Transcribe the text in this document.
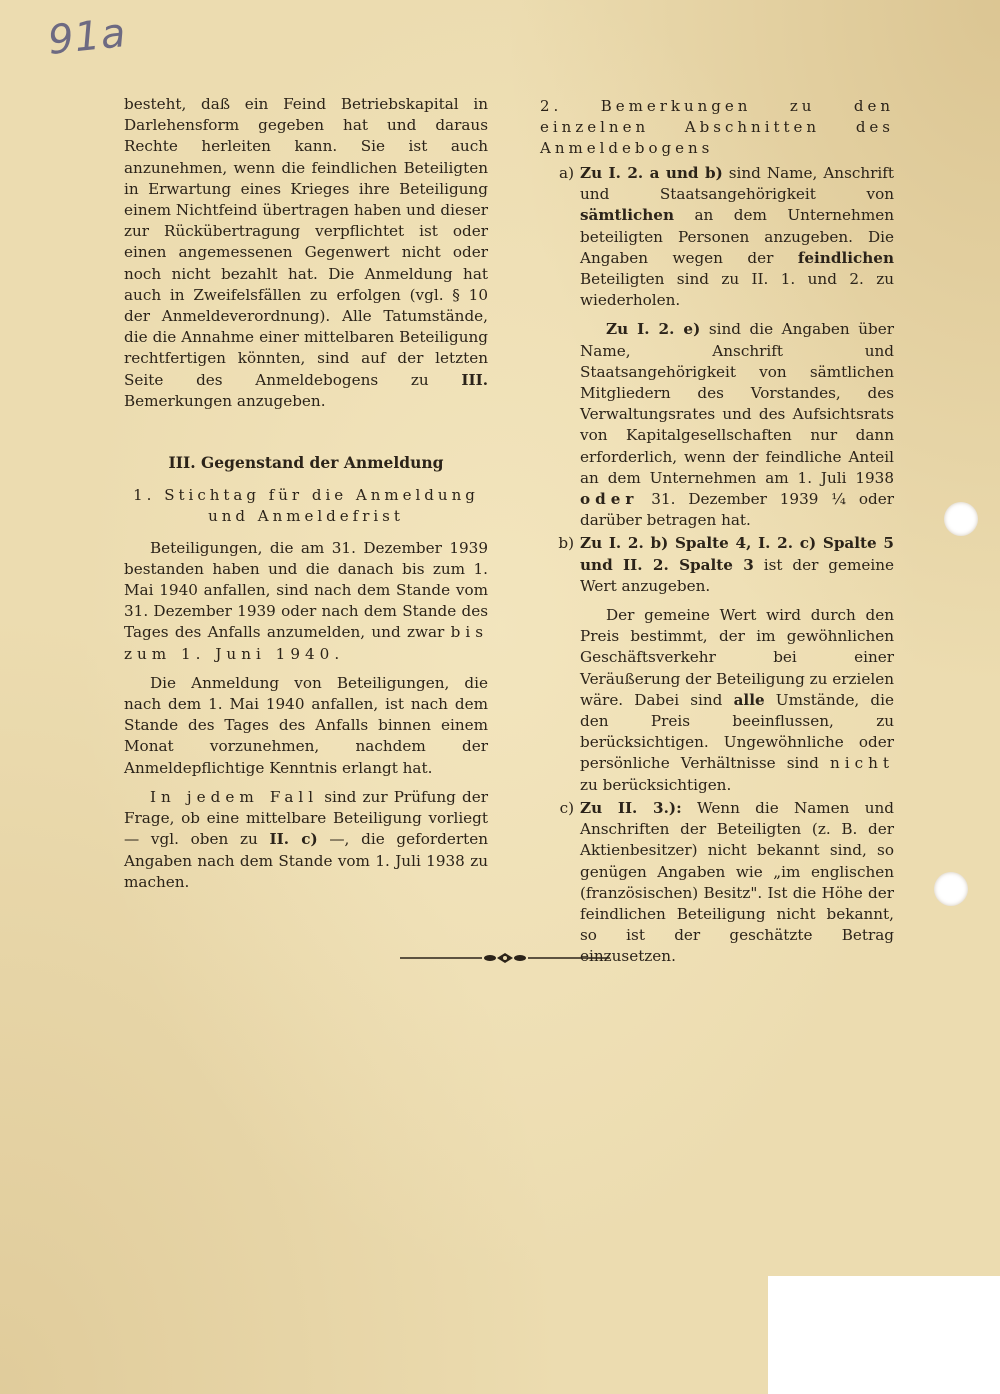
91a

besteht, daß ein Feind Betriebskapital in Darlehensform gegeben hat und daraus Rechte herleiten kann. Sie ist auch anzunehmen, wenn die feindlichen Beteiligten in Erwartung eines Krieges ihre Beteiligung einem Nichtfeind übertragen haben und dieser zur Rückübertragung verpflichtet ist oder einen angemessenen Gegenwert nicht oder noch nicht bezahlt hat. Die Anmeldung hat auch in Zweifelsfällen zu erfolgen (vgl. § 10 der Anmeldeverordnung). Alle Tatumstände, die die Annahme einer mittelbaren Beteiligung rechtfertigen könnten, sind auf der letzten Seite des Anmeldebogens zu III. Bemerkungen anzugeben.

III. Gegenstand der Anmeldung
1. Stichtag für die Anmeldung und Anmeldefrist

Beteiligungen, die am 31. Dezember 1939 bestanden haben und die danach bis zum 1. Mai 1940 anfallen, sind nach dem Stande vom 31. Dezember 1939 oder nach dem Stande des Tages des Anfalls anzumelden, und zwar bis zum 1. Juni 1940.

Die Anmeldung von Beteiligungen, die nach dem 1. Mai 1940 anfallen, ist nach dem Stande des Tages des Anfalls binnen einem Monat vorzunehmen, nachdem der Anmeldepflichtige Kenntnis erlangt hat.

In jedem Fall sind zur Prüfung der Frage, ob eine mittelbare Beteiligung vorliegt — vgl. oben zu II. c) —, die geforderten Angaben nach dem Stande vom 1. Juli 1938 zu machen.

2. Bemerkungen zu den einzelnen Abschnitten des Anmeldebogens
a) Zu I. 2. a und b) sind Name, Anschrift und Staatsangehörigkeit von sämtlichen an dem Unternehmen beteiligten Personen anzugeben. Die Angaben wegen der feindlichen Beteiligten sind zu II. 1. und 2. zu wiederholen.

Zu I. 2. e) sind die Angaben über Name, Anschrift und Staatsangehörigkeit von sämtlichen Mitgliedern des Vorstandes, des Verwaltungsrates und des Aufsichtsrats von Kapitalgesellschaften nur dann erforderlich, wenn der feindliche Anteil an dem Unternehmen am 1. Juli 1938 oder 31. Dezember 1939 ¼ oder darüber betragen hat.

b) Zu I. 2. b) Spalte 4, I. 2. c) Spalte 5 und II. 2. Spalte 3 ist der gemeine Wert anzugeben.

Der gemeine Wert wird durch den Preis bestimmt, der im gewöhnlichen Geschäftsverkehr bei einer Veräußerung der Beteiligung zu erzielen wäre. Dabei sind alle Umstände, die den Preis beeinflussen, zu berücksichtigen. Ungewöhnliche oder persönliche Verhältnisse sind nicht zu berücksichtigen.

c) Zu II. 3.): Wenn die Namen und Anschriften der Beteiligten (z. B. der Aktienbesitzer) nicht bekannt sind, so genügen Angaben wie „im englischen (französischen) Besitz". Ist die Höhe der feindlichen Beteiligung nicht bekannt, so ist der geschätzte Betrag einzusetzen.
